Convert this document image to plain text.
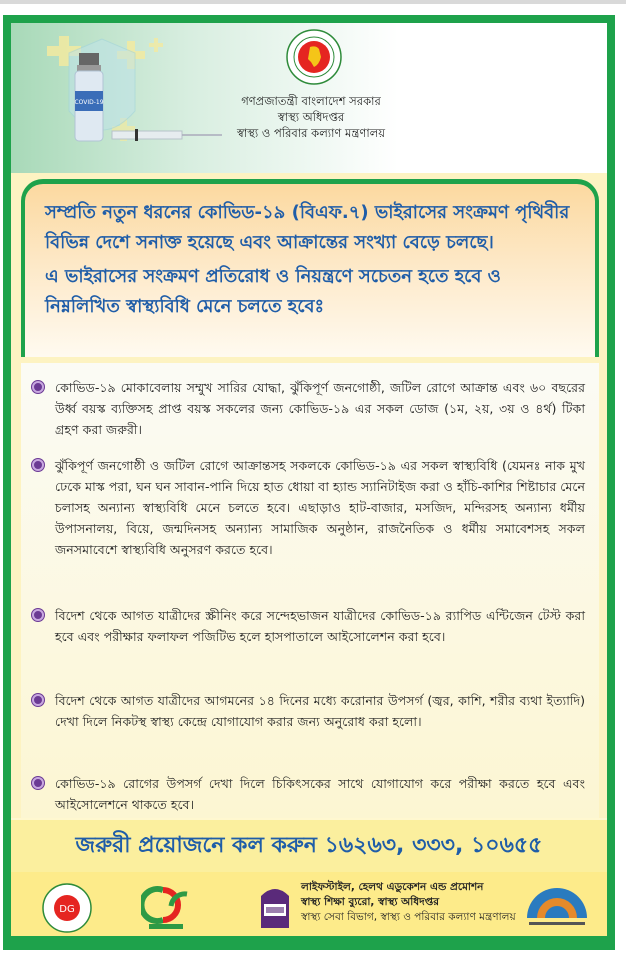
COVID-19	গণপ্রজাতন্ত্রী বাংলাদেশ সরকার
স্বাস্থ্য অধিদপ্তর
স্বাস্থ্য ও পরিবার কল্যাণ মন্ত্রণালয়

সম্প্রতি নতুন ধরনের কোভিড-১৯ (বিএফ.৭) ভাইরাসের সংক্রমণ পৃথিবীর বিভিন্ন দেশে সনাক্ত হয়েছে এবং আক্রান্তের সংখ্যা বেড়ে চলছে।

এ ভাইরাসের সংক্রমণ প্রতিরোধ ও নিয়ন্ত্রণে সচেতন হতে হবে ও নিম্নলিখিত স্বাস্থ্যবিধি মেনে চলতে হবেঃ

কোভিড-১৯ মোকাবেলায় সম্মুখ সারির যোদ্ধা, ঝুঁকিপূর্ণ জনগোষ্ঠী, জটিল রোগে আক্রান্ত এবং ৬০ বছরের উর্ধ্ব বয়স্ক ব্যক্তিসহ প্রাপ্ত বয়স্ক সকলের জন্য কোভিড-১৯ এর সকল ডোজ (১ম, ২য়, ৩য় ও ৪র্থ) টিকা গ্রহণ করা জরুরী।
ঝুঁকিপূর্ণ জনগোষ্ঠী ও জটিল রোগে আক্রান্তসহ সকলকে কোভিড-১৯ এর সকল স্বাস্থ্যবিধি (যেমনঃ নাক মুখ ঢেকে মাস্ক পরা, ঘন ঘন সাবান-পানি দিয়ে হাত ধোয়া বা হ্যান্ড স্যানিটাইজ করা ও হাঁচি-কাশির শিষ্টাচার মেনে চলাসহ অন্যান্য স্বাস্থ্যবিধি মেনে চলতে হবে। এছাড়াও হাট-বাজার, মসজিদ, মন্দিরসহ অন্যান্য ধর্মীয় উপাসনালয়, বিয়ে, জন্মদিনসহ অন্যান্য সামাজিক অনুষ্ঠান, রাজনৈতিক ও ধর্মীয় সমাবেশসহ সকল জনসমাবেশে স্বাস্থ্যবিধি অনুসরণ করতে হবে।
বিদেশ থেকে আগত যাত্রীদের স্ক্রীনিং করে সন্দেহভাজন যাত্রীদের কোভিড-১৯ র‍্যাপিড এন্টিজেন টেস্ট করা হবে এবং পরীক্ষার ফলাফল পজিটিভ হলে হাসপাতালে আইসোলেশন করা হবে।
বিদেশ থেকে আগত যাত্রীদের আগমনের ১৪ দিনের মধ্যে করোনার উপসর্গ (জ্বর, কাশি, শরীর ব্যথা ইত্যাদি) দেখা দিলে নিকটস্থ স্বাস্থ্য কেন্দ্রে যোগাযোগ করার জন্য অনুরোধ করা হলো।
কোভিড-১৯ রোগের উপসর্গ দেখা দিলে চিকিৎসকের সাথে যোগাযোগ করে পরীক্ষা করতে হবে এবং আইসোলেশনে থাকতে হবে।
জরুরী প্রয়োজনে কল করুন ১৬২৬৩, ৩৩৩, ১০৬৫৫
DG
লাইফস্টাইল, হেলথ এডুকেশন এন্ড প্রমোশন
স্বাস্থ্য শিক্ষা ব্যুরো, স্বাস্থ্য অধিদপ্তর
স্বাস্থ্য সেবা বিভাগ, স্বাস্থ্য ও পরিবার কল্যাণ মন্ত্রণালয়
